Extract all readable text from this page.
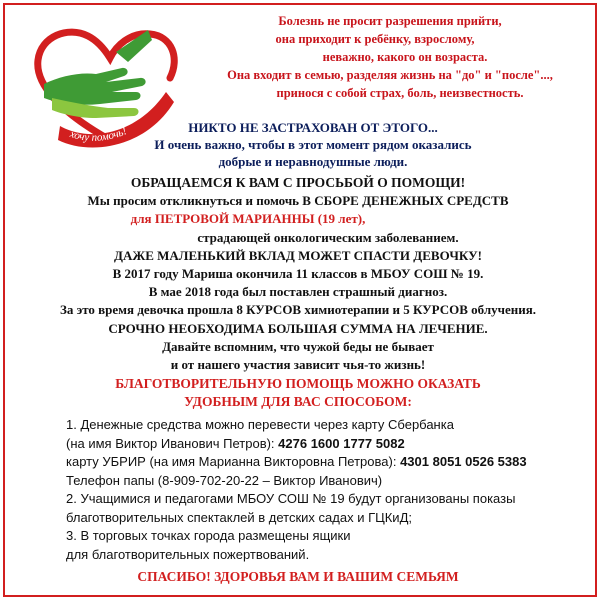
хочу помочь!
Болезнь не просит разрешения прийти,
она приходит к ребёнку, взрослому,
неважно, какого он возраста.
Она входит в семью, разделяя жизнь на "до" и "после"...,
принося с собой страх, боль, неизвестность.
НИКТО НЕ ЗАСТРАХОВАН ОТ ЭТОГО...
И очень важно, чтобы в этот момент рядом оказались
добрые и неравнодушные люди.
ОБРАЩАЕМСЯ К ВАМ С ПРОСЬБОЙ О ПОМОЩИ!
Мы просим откликнуться и помочь В СБОРЕ ДЕНЕЖНЫХ СРЕДСТВ
для ПЕТРОВОЙ МАРИАННЫ (19 лет),
страдающей онкологическим заболеванием.
ДАЖЕ МАЛЕНЬКИЙ ВКЛАД МОЖЕТ СПАСТИ ДЕВОЧКУ!
В 2017 году Мариша окончила 11 классов в МБОУ СОШ № 19.
В мае 2018 года был поставлен страшный диагноз.
За это время девочка прошла 8 КУРСОВ химиотерапии и 5 КУРСОВ облучения.
СРОЧНО НЕОБХОДИМА БОЛЬШАЯ СУММА НА ЛЕЧЕНИЕ.
Давайте вспомним, что чужой беды не бывает
и от нашего участия зависит чья-то жизнь!
БЛАГОТВОРИТЕЛЬНУЮ ПОМОЩЬ МОЖНО ОКАЗАТЬ
УДОБНЫМ ДЛЯ ВАС СПОСОБОМ:
1. Денежные средства можно перевести через карту Сбербанка
(на имя Виктор Иванович Петров): 4276 1600 1777 5082
карту УБРИР (на имя Марианна Викторовна Петрова): 4301 8051 0526 5383
Телефон папы (8-909-702-20-22 – Виктор Иванович)
2. Учащимися и педагогами МБОУ СОШ № 19 будут организованы показы
благотворительных спектаклей в детских садах и ГЦКиД;
3. В торговых точках города размещены ящики
для благотворительных пожертвований.
СПАСИБО! ЗДОРОВЬЯ ВАМ И ВАШИМ СЕМЬЯМ
